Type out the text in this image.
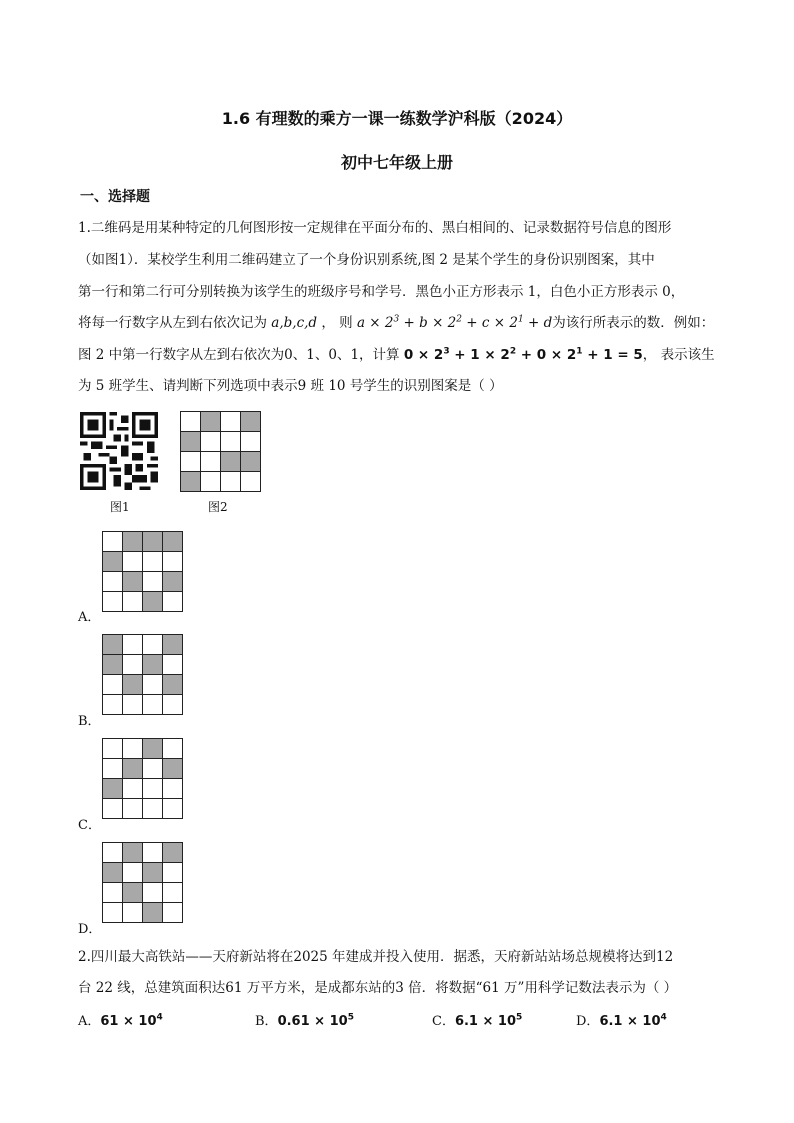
1.6 有理数的乘方一课一练数学沪科版（2024）
初中七年级上册
一、选择题
1.二维码是用某种特定的几何图形按一定规律在平面分布的、黑白相间的、记录数据符号信息的图形
（如图1）．某校学生利用二维码建立了一个身份识别系统,图 2 是某个学生的身份识别图案，其中
第一行和第二行可分别转换为该学生的班级序号和学号．黑色小正方形表示 1，白色小正方形表示 0，
将每一行数字从左到右依次记为 a,b,c,d ， 则 $a \times 2^3 + b \times 2^2 + c \times 2^1 + d$为该行所表示的数．例如：
图 2 中第一行数字从左到右依次为0、1、0、1，计算 $0 \times 2^3 + 1 \times 2^2 + 0 \times 2^1 + 1 = 5$， 表示该生
为 5 班学生、请判断下列选项中表示9 班 10 号学生的识别图案是（ ）
图1	图2
A．
B．
C．
D．
2.四川最大高铁站——天府新站将在2025 年建成并投入使用．据悉，天府新站站场总规模将达到12
台 22 线，总建筑面积达61 万平方米，是成都东站的3 倍．将数据“61 万”用科学记数法表示为（ ）
A．$61 \times 10^4$	B．$0.61 \times 10^5$	C．$6.1 \times 10^5$	D．$6.1 \times 10^4$
